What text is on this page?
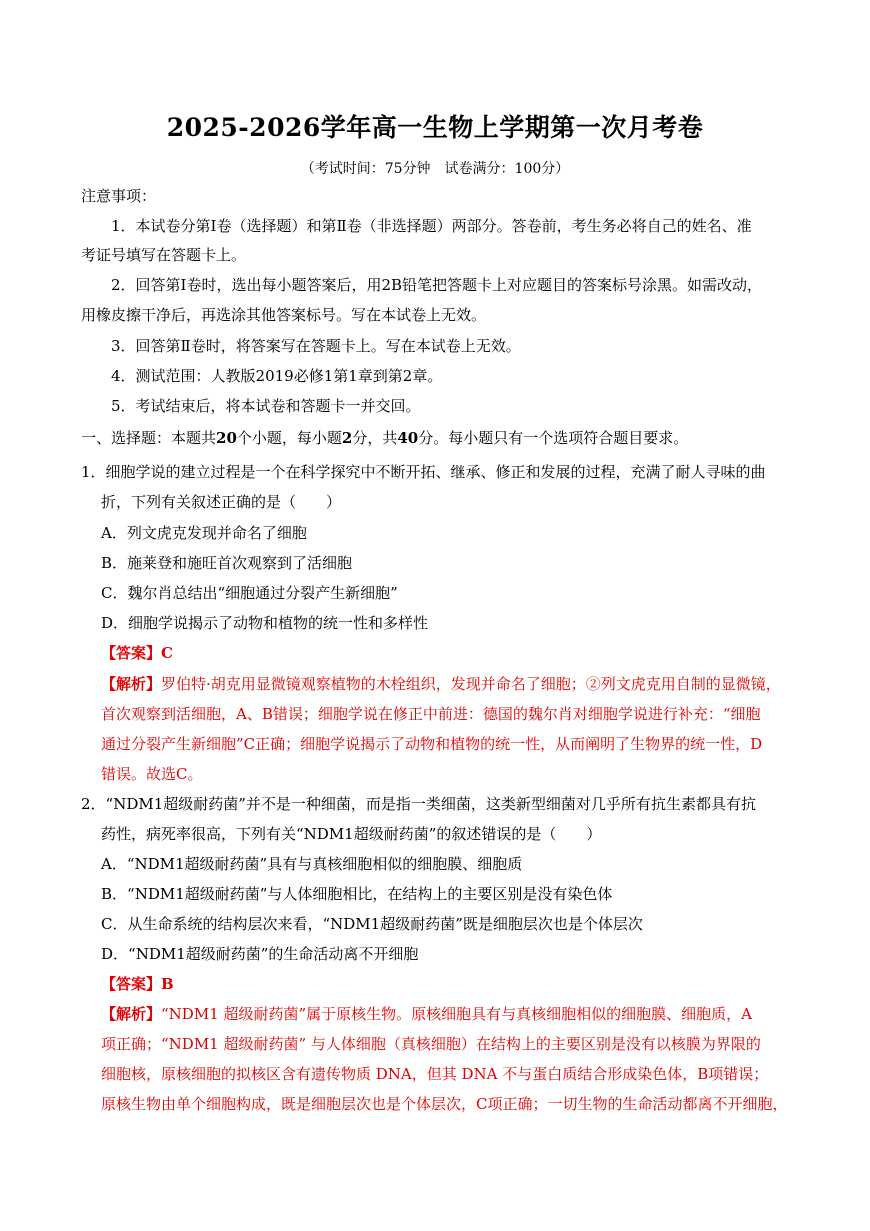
2025-2026学年高一生物上学期第一次月考卷
（考试时间：75分钟　试卷满分：100分）
注意事项：
1．本试卷分第Ⅰ卷（选择题）和第Ⅱ卷（非选择题）两部分。答卷前，考生务必将自己的姓名、准
考证号填写在答题卡上。
2．回答第Ⅰ卷时，选出每小题答案后，用2B铅笔把答题卡上对应题目的答案标号涂黑。如需改动，
用橡皮擦干净后，再选涂其他答案标号。写在本试卷上无效。
3．回答第Ⅱ卷时，将答案写在答题卡上。写在本试卷上无效。
4．测试范围：人教版2019必修1第1章到第2章。
5．考试结束后，将本试卷和答题卡一并交回。
一、选择题：本题共20个小题，每小题2分，共40分。每小题只有一个选项符合题目要求。
1．细胞学说的建立过程是一个在科学探究中不断开拓、继承、修正和发展的过程，充满了耐人寻味的曲
折，下列有关叙述正确的是（　　）
A．列文虎克发现并命名了细胞
B．施莱登和施旺首次观察到了活细胞
C．魏尔肖总结出“细胞通过分裂产生新细胞”
D．细胞学说揭示了动物和植物的统一性和多样性
【答案】C
【解析】罗伯特·胡克用显微镜观察植物的木栓组织，发现并命名了细胞；②列文虎克用自制的显微镜，
首次观察到活细胞，A、B错误；细胞学说在修正中前进：德国的魏尔肖对细胞学说进行补充：“细胞
通过分裂产生新细胞”C正确；细胞学说揭示了动物和植物的统一性，从而阐明了生物界的统一性，D
错误。故选C。
2．“NDM1超级耐药菌”并不是一种细菌，而是指一类细菌，这类新型细菌对几乎所有抗生素都具有抗
药性，病死率很高，下列有关“NDM1超级耐药菌”的叙述错误的是（　　）
A．“NDM1超级耐药菌”具有与真核细胞相似的细胞膜、细胞质
B．“NDM1超级耐药菌”与人体细胞相比，在结构上的主要区别是没有染色体
C．从生命系统的结构层次来看，“NDM1超级耐药菌”既是细胞层次也是个体层次
D．“NDM1超级耐药菌”的生命活动离不开细胞
【答案】B
【解析】“NDM1 超级耐药菌”属于原核生物。原核细胞具有与真核细胞相似的细胞膜、细胞质，A
项正确；“NDM1 超级耐药菌” 与人体细胞（真核细胞）在结构上的主要区别是没有以核膜为界限的
细胞核，原核细胞的拟核区含有遗传物质 DNA，但其 DNA 不与蛋白质结合形成染色体，B项错误；
原核生物由单个细胞构成，既是细胞层次也是个体层次，C项正确；一切生物的生命活动都离不开细胞，
